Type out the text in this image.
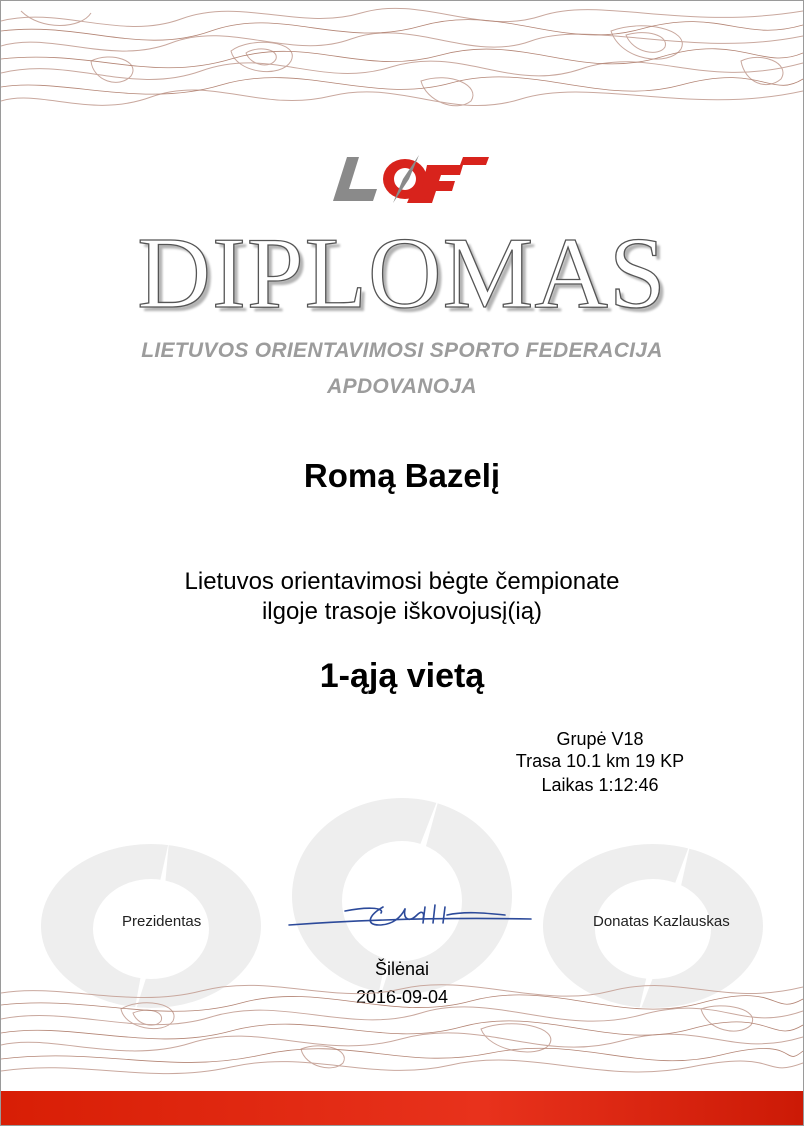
DIPLOMAS
LIETUVOS ORIENTAVIMOSI SPORTO FEDERACIJA
APDOVANOJA
Romą Bazelį
Lietuvos orientavimosi bėgte čempionate
ilgoje trasoje iškovojusį(ią)
1-ąją vietą
Grupė V18
Trasa 10.1 km 19 KP
Laikas 1:12:46
Prezidentas	Donatas Kazlauskas
Šilėnai
2016-09-04
